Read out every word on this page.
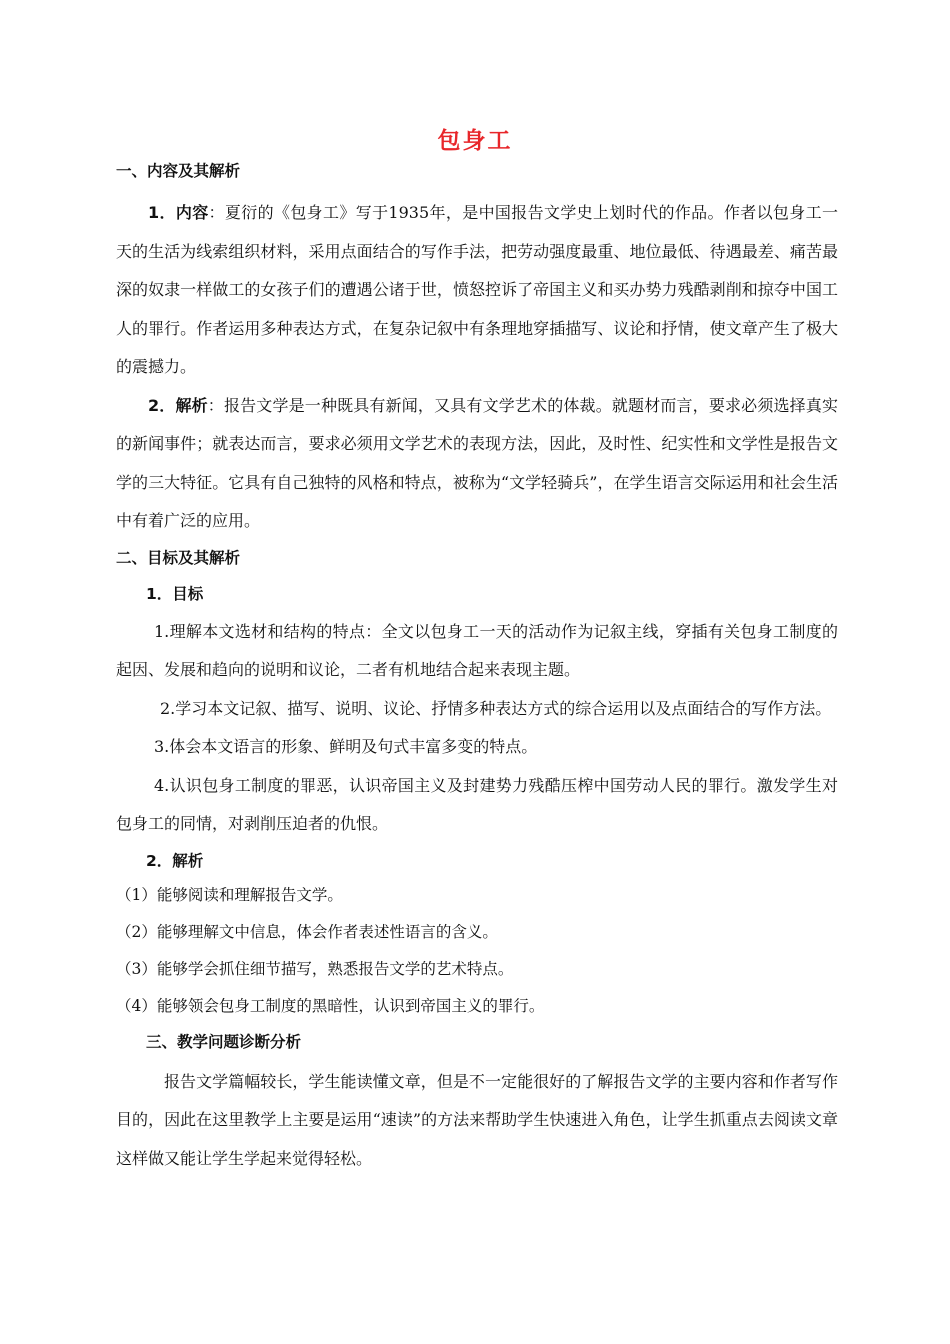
包身工

一、内容及其解析

1．内容：夏衍的《包身工》写于1935年，是中国报告文学史上划时代的作品。作者以包身工一天的生活为线索组织材料，采用点面结合的写作手法，把劳动强度最重、地位最低、待遇最差、痛苦最深的奴隶一样做工的女孩子们的遭遇公诸于世，愤怒控诉了帝国主义和买办势力残酷剥削和掠夺中国工人的罪行。作者运用多种表达方式，在复杂记叙中有条理地穿插描写、议论和抒情，使文章产生了极大的震撼力。

2．解析：报告文学是一种既具有新闻，又具有文学艺术的体裁。就题材而言，要求必须选择真实的新闻事件；就表达而言，要求必须用文学艺术的表现方法，因此，及时性、纪实性和文学性是报告文学的三大特征。它具有自己独特的风格和特点，被称为“文学轻骑兵”，在学生语言交际运用和社会生活中有着广泛的应用。

二、目标及其解析

1．目标

1.理解本文选材和结构的特点：全文以包身工一天的活动作为记叙主线，穿插有关包身工制度的起因、发展和趋向的说明和议论，二者有机地结合起来表现主题。

2.学习本文记叙、描写、说明、议论、抒情多种表达方式的综合运用以及点面结合的写作方法。

3.体会本文语言的形象、鲜明及句式丰富多变的特点。

4.认识包身工制度的罪恶，认识帝国主义及封建势力残酷压榨中国劳动人民的罪行。激发学生对包身工的同情，对剥削压迫者的仇恨。

2．解析

（1）能够阅读和理解报告文学。

（2）能够理解文中信息，体会作者表述性语言的含义。

（3）能够学会抓住细节描写，熟悉报告文学的艺术特点。

（4）能够领会包身工制度的黑暗性，认识到帝国主义的罪行。

三、教学问题诊断分析

报告文学篇幅较长，学生能读懂文章，但是不一定能很好的了解报告文学的主要内容和作者写作目的，因此在这里教学上主要是运用“速读”的方法来帮助学生快速进入角色，让学生抓重点去阅读文章这样做又能让学生学起来觉得轻松。
